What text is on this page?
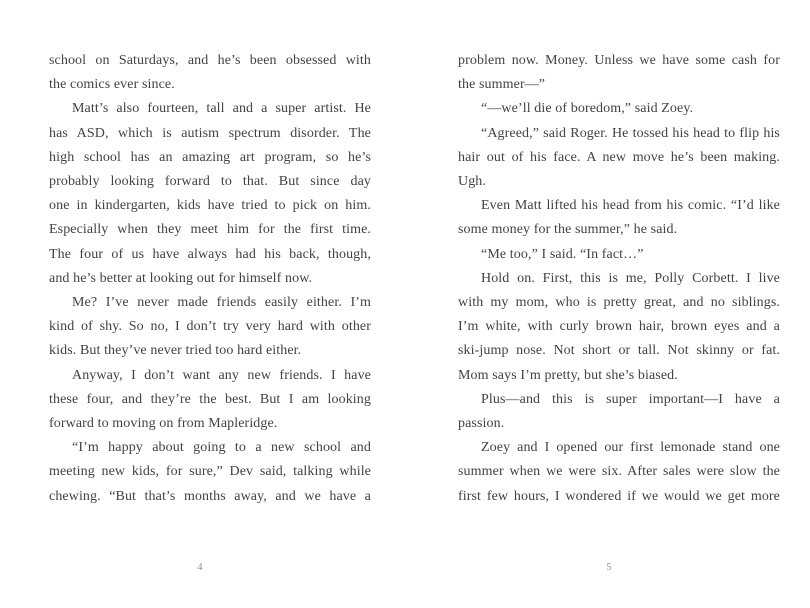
school on Saturdays, and he’s been obsessed with
the comics ever since.
Matt’s also fourteen, tall and a super artist. He
has ASD, which is autism spectrum disorder. The
high school has an amazing art program, so he’s
probably looking forward to that. But since day
one in kindergarten, kids have tried to pick on him.
Especially when they meet him for the first time.
The four of us have always had his back, though,
and he’s better at looking out for himself now.
Me? I’ve never made friends easily either. I’m
kind of shy. So no, I don’t try very hard with other
kids. But they’ve never tried too hard either.
Anyway, I don’t want any new friends. I have
these four, and they’re the best. But I am looking
forward to moving on from Mapleridge.
“I’m happy about going to a new school and
meeting new kids, for sure,” Dev said, talking while
chewing. “But that’s months away, and we have a
4
problem now. Money. Unless we have some cash for
the summer—”
“—we’ll die of boredom,” said Zoey.
“Agreed,” said Roger. He tossed his head to flip his
hair out of his face. A new move he’s been making.
Ugh.
Even Matt lifted his head from his comic. “I’d like
some money for the summer,” he said.
“Me too,” I said. “In fact…”
Hold on. First, this is me, Polly Corbett. I live
with my mom, who is pretty great, and no siblings.
I’m white, with curly brown hair, brown eyes and a
ski-jump nose. Not short or tall. Not skinny or fat.
Mom says I’m pretty, but she’s biased.
Plus—and this is super important—I have a
passion.
Zoey and I opened our first lemonade stand one
summer when we were six. After sales were slow the
first few hours, I wondered if we would we get more
5
